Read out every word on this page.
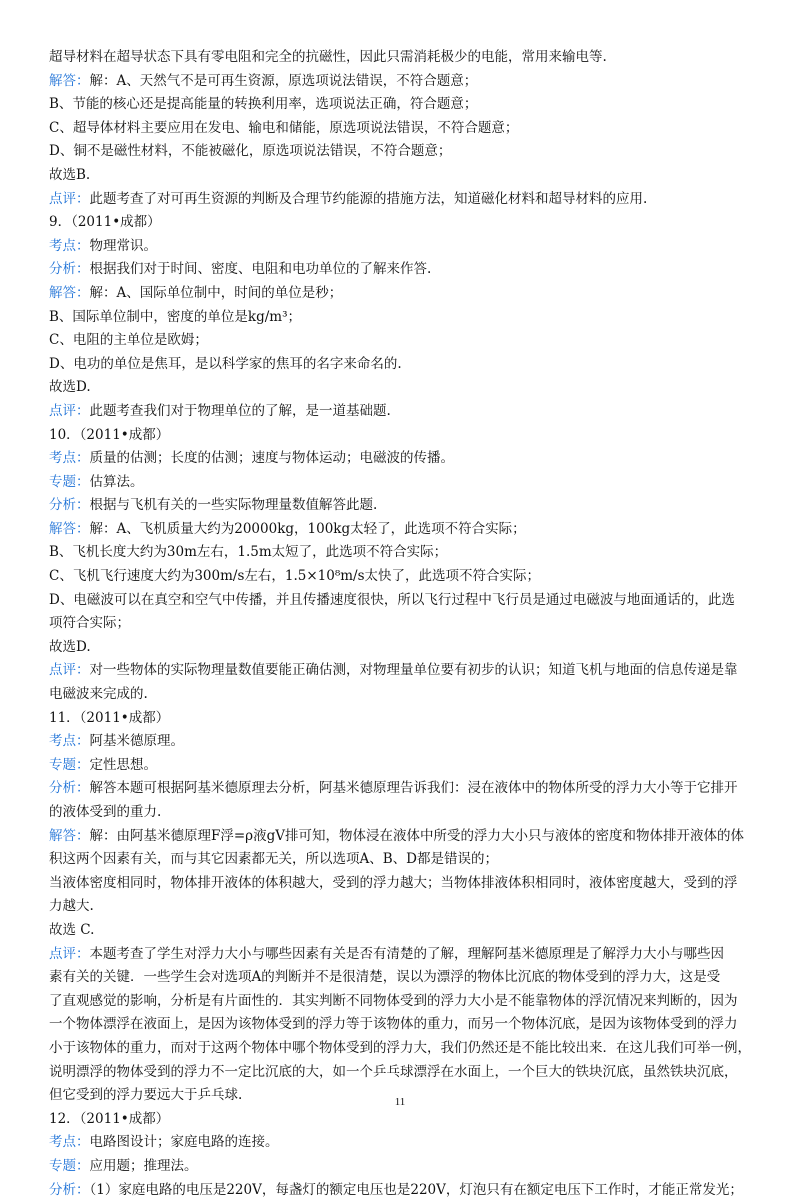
超导材料在超导状态下具有零电阻和完全的抗磁性，因此只需消耗极少的电能，常用来输电等.
解答：解：A、天然气不是可再生资源，原选项说法错误，不符合题意；
B、节能的核心还是提高能量的转换利用率，选项说法正确，符合题意；
C、超导体材料主要应用在发电、输电和储能，原选项说法错误，不符合题意；
D、铜不是磁性材料，不能被磁化，原选项说法错误，不符合题意；
故选B.
点评：此题考查了对可再生资源的判断及合理节约能源的措施方法，知道磁化材料和超导材料的应用.
9．（2011•成都）
考点：物理常识。
分析：根据我们对于时间、密度、电阻和电功单位的了解来作答.
解答：解：A、国际单位制中，时间的单位是秒；
B、国际单位制中，密度的单位是kg/m³；
C、电阻的主单位是欧姆；
D、电功的单位是焦耳，是以科学家的焦耳的名字来命名的.
故选D.
点评：此题考查我们对于物理单位的了解，是一道基础题.
10．（2011•成都）
考点：质量的估测；长度的估测；速度与物体运动；电磁波的传播。
专题：估算法。
分析：根据与飞机有关的一些实际物理量数值解答此题.
解答：解：A、飞机质量大约为20000kg，100kg太轻了，此选项不符合实际；
B、飞机长度大约为30m左右，1.5m太短了，此选项不符合实际；
C、飞机飞行速度大约为300m/s左右，1.5×10⁸m/s太快了，此选项不符合实际；
D、电磁波可以在真空和空气中传播，并且传播速度很快，所以飞行过程中飞行员是通过电磁波与地面通话的，此选
项符合实际；
故选D.
点评：对一些物体的实际物理量数值要能正确估测，对物理量单位要有初步的认识；知道飞机与地面的信息传递是靠
电磁波来完成的.
11．（2011•成都）
考点：阿基米德原理。
专题：定性思想。
分析：解答本题可根据阿基米德原理去分析，阿基米德原理告诉我们：浸在液体中的物体所受的浮力大小等于它排开
的液体受到的重力.
解答：解：由阿基米德原理F浮=ρ液gV排可知，物体浸在液体中所受的浮力大小只与液体的密度和物体排开液体的体
积这两个因素有关，而与其它因素都无关，所以选项A、B、D都是错误的；
当液体密度相同时，物体排开液体的体积越大，受到的浮力越大；当物体排液体积相同时，液体密度越大，受到的浮
力越大.
故选 C.
点评：本题考查了学生对浮力大小与哪些因素有关是否有清楚的了解，理解阿基米德原理是了解浮力大小与哪些因
素有关的关键．一些学生会对选项A的判断并不是很清楚，误以为漂浮的物体比沉底的物体受到的浮力大，这是受
了直观感觉的影响，分析是有片面性的．其实判断不同物体受到的浮力大小是不能靠物体的浮沉情况来判断的，因为
一个物体漂浮在液面上，是因为该物体受到的浮力等于该物体的重力，而另一个物体沉底，是因为该物体受到的浮力
小于该物体的重力，而对于这两个物体中哪个物体受到的浮力大，我们仍然还是不能比较出来．在这儿我们可举一例，
说明漂浮的物体受到的浮力不一定比沉底的大，如一个乒乓球漂浮在水面上，一个巨大的铁块沉底，虽然铁块沉底，
但它受到的浮力要远大于乒乓球.
12．（2011•成都）
考点：电路图设计；家庭电路的连接。
专题：应用题；推理法。
分析：（1）家庭电路的电压是220V，每盏灯的额定电压也是220V，灯泡只有在额定电压下工作时，才能正常发光；
11
